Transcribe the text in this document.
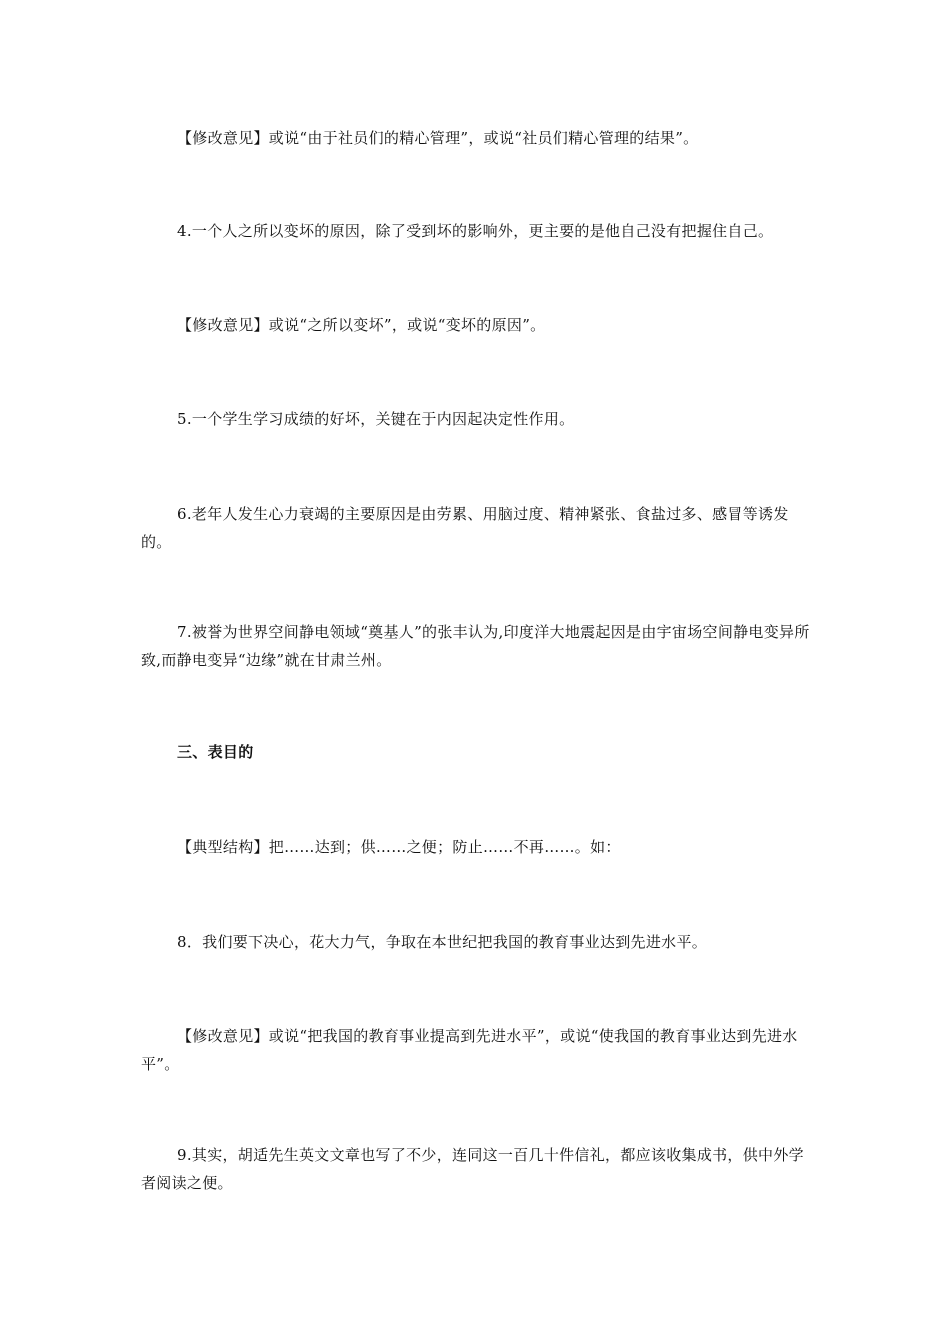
【修改意见】或说“由于社员们的精心管理”，或说“社员们精心管理的结果”。

4.一个人之所以变坏的原因，除了受到坏的影响外，更主要的是他自己没有把握住自己。

【修改意见】或说“之所以变坏”，或说“变坏的原因”。

5.一个学生学习成绩的好坏，关键在于内因起决定性作用。

6.老年人发生心力衰竭的主要原因是由劳累、用脑过度、精神紧张、食盐过多、感冒等诱发的。

7.被誉为世界空间静电领域“奠基人”的张丰认为,印度洋大地震起因是由宇宙场空间静电变异所致,而静电变异“边缘”就在甘肃兰州。

三、表目的

【典型结构】把……达到；供……之便；防止……不再……。如：

8．我们要下决心，花大力气，争取在本世纪把我国的教育事业达到先进水平。

【修改意见】或说“把我国的教育事业提高到先进水平”，或说“使我国的教育事业达到先进水平”。

9.其实，胡适先生英文文章也写了不少，连同这一百几十件信礼，都应该收集成书，供中外学者阅读之便。
